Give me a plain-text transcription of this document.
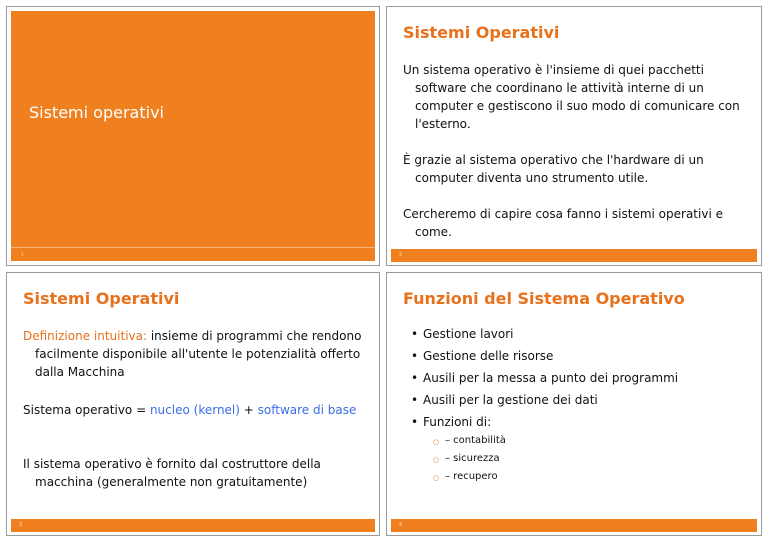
Sistemi operativi
1
Sistemi Operativi
Un sistema operativo è l'insieme di quei pacchetti software che coordinano le attività interne di un computer e gestiscono il suo modo di comunicare con l'esterno.
È grazie al sistema operativo che l'hardware di un computer diventa uno strumento utile.
Cercheremo di capire cosa fanno i sistemi operativi e come.
2
Sistemi Operativi
Definizione intuitiva: insieme di programmi che rendono facilmente disponibile all'utente le potenzialità offerto dalla Macchina
Sistema operativo = nucleo (kernel) + software di base
Il sistema operativo è fornito dal costruttore della macchina (generalmente non gratuitamente)
3
Funzioni del Sistema Operativo
• Gestione lavori
• Gestione delle risorse
• Ausili per la messa a punto dei programmi
• Ausili per la gestione dei dati
• Funzioni di:
○ – contabilità
○ – sicurezza
○ – recupero
4
